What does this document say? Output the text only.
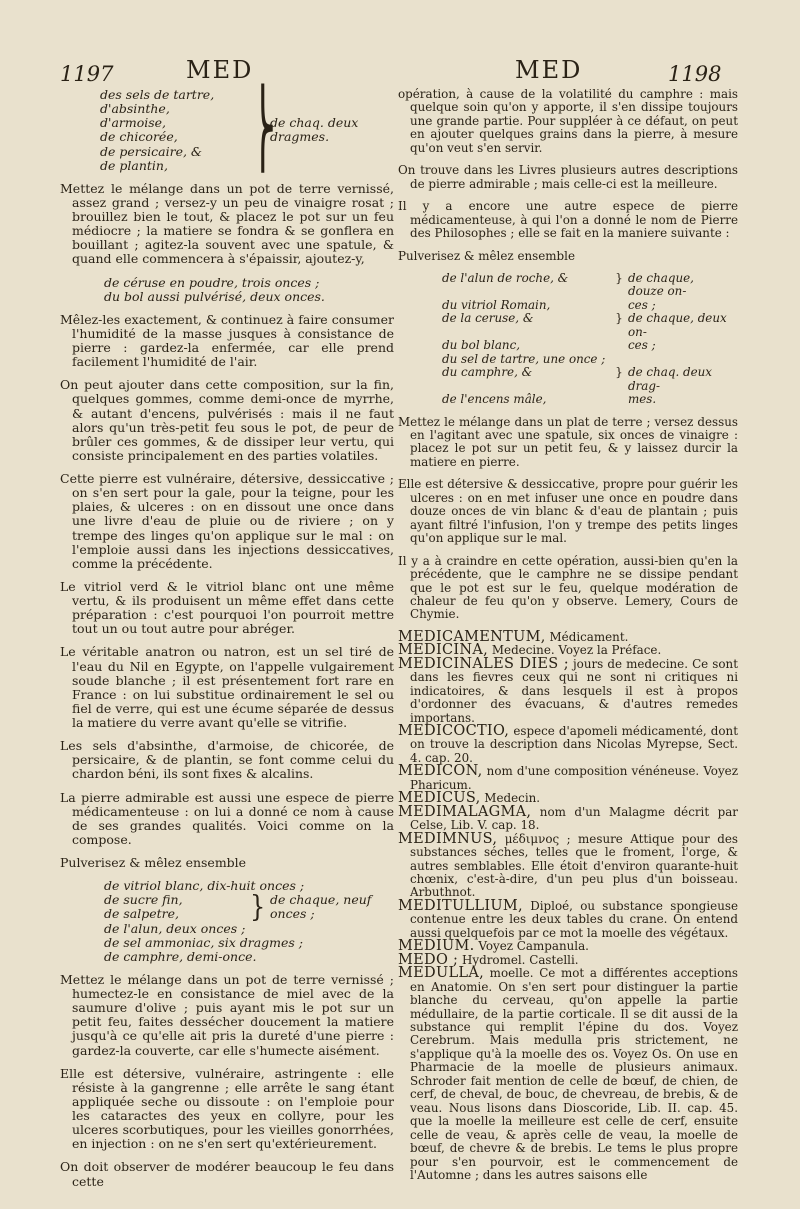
1197	MED	MED	1198
des sels de tartre,
d'absinthe,
d'armoise,
de chicorée,
de persicaire, &
de plantin,	⎬
de chaq. deux dragmes.

Mettez le mélange dans un pot de terre vernissé, assez grand ; versez-y un peu de vinaigre rosat ; brouillez bien le tout, & placez le pot sur un feu médiocre ; la matiere se fondra & se gonflera en bouillant ; agitez-la souvent avec une spatule, & quand elle commencera à s'épaissir, ajoutez-y,

de céruse en poudre, trois onces ;
du bol aussi pulvérisé, deux onces.

Mêlez-les exactement, & continuez à faire consumer l'humidité de la masse jusques à consistance de pierre : gardez-la enfermée, car elle prend facilement l'humidité de l'air.

On peut ajouter dans cette composition, sur la fin, quelques gommes, comme demi-once de myrrhe, & autant d'encens, pulvérisés : mais il ne faut alors qu'un très-petit feu sous le pot, de peur de brûler ces gommes, & de dissiper leur vertu, qui consiste principalement en des parties volatiles.

Cette pierre est vulnéraire, détersive, dessiccative ; on s'en sert pour la gale, pour la teigne, pour les plaies, & ulceres : on en dissout une once dans une livre d'eau de pluie ou de riviere ; on y trempe des linges qu'on applique sur le mal : on l'emploie aussi dans les injections dessiccatives, comme la précédente.

Le vitriol verd & le vitriol blanc ont une même vertu, & ils produisent un même effet dans cette préparation : c'est pourquoi l'on pourroit mettre tout un ou tout autre pour abréger.

Le véritable anatron ou natron, est un sel tiré de l'eau du Nil en Egypte, on l'appelle vulgairement soude blanche ; il est présentement fort rare en France : on lui substitue ordinairement le sel ou fiel de verre, qui est une écume séparée de dessus la matiere du verre avant qu'elle se vitrifie.

Les sels d'absinthe, d'armoise, de chicorée, de persicaire, & de plantin, se font comme celui du chardon béni, ils sont fixes & alcalins.

La pierre admirable est aussi une espece de pierre médicamenteuse : on lui a donné ce nom à cause de ses grandes qualités. Voici comme on la compose.

Pulverisez & mêlez ensemble

de vitriol blanc, dix-huit onces ;
de sucre fin,
de salpetre,	} de chaque, neuf onces ;
de l'alun, deux onces ;
de sel ammoniac, six dragmes ;
de camphre, demi-once.

Mettez le mélange dans un pot de terre vernissé ; humectez-le en consistance de miel avec de la saumure d'olive ; puis ayant mis le pot sur un petit feu, faites dessécher doucement la matiere jusqu'à ce qu'elle ait pris la dureté d'une pierre : gardez-la couverte, car elle s'humecte aisément.

Elle est détersive, vulnéraire, astringente : elle résiste à la gangrenne ; elle arrête le sang étant appliquée seche ou dissoute : on l'emploie pour les cataractes des yeux en collyre, pour les ulceres scorbutiques, pour les vieilles gonorrhées, en injection : on ne s'en sert qu'extérieurement.

On doit observer de modérer beaucoup le feu dans cette

opération, à cause de la volatilité du camphre : mais quelque soin qu'on y apporte, il s'en dissipe toujours une grande partie. Pour suppléer à ce défaut, on peut en ajouter quelques grains dans la pierre, à mesure qu'on veut s'en servir.

On trouve dans les Livres plusieurs autres descriptions de pierre admirable ; mais celle-ci est la meilleure.

Il y a encore une autre espece de pierre médicamenteuse, à qui l'on a donné le nom de Pierre des Philosophes ; elle se fait en la maniere suivante :

Pulverisez & mêlez ensemble

de l'alun de roche, &	} de chaque, douze on-
du vitriol Romain,	ces ;
de la ceruse, &	} de chaque, deux on-
du bol blanc,	ces ;
du sel de tartre, une once ;
du camphre, &	} de chaq. deux drag-
de l'encens mâle,	mes.

Mettez le mélange dans un plat de terre ; versez dessus en l'agitant avec une spatule, six onces de vinaigre : placez le pot sur un petit feu, & y laissez durcir la matiere en pierre.

Elle est détersive & dessiccative, propre pour guérir les ulceres : on en met infuser une once en poudre dans douze onces de vin blanc & d'eau de plantain ; puis ayant filtré l'infusion, l'on y trempe des petits linges qu'on applique sur le mal.

Il y a à craindre en cette opération, aussi-bien qu'en la précédente, que le camphre ne se dissipe pendant que le pot est sur le feu, quelque modération de chaleur de feu qu'on y observe. Lemery, Cours de Chymie.

MEDICAMENTUM, Médicament.

MEDICINA, Medecine. Voyez la Préface.

MEDICINALES DIES ; jours de medecine. Ce sont dans les fievres ceux qui ne sont ni critiques ni indicatoires, & dans lesquels il est à propos d'ordonner des évacuans, & d'autres remedes importans.

MEDICOCTIO, espece d'apomeli médicamenté, dont on trouve la description dans Nicolas Myrepse, Sect. 4. cap. 20.

MEDICON, nom d'une composition vénéneuse. Voyez Pharicum.

MEDICUS, Medecin.

MEDIMALAGMA, nom d'un Malagme décrit par Celse, Lib. V. cap. 18.

MEDIMNUS, μέδιμνος ; mesure Attique pour des substances séches, telles que le froment, l'orge, & autres semblables. Elle étoit d'environ quarante-huit chœnix, c'est-à-dire, d'un peu plus d'un boisseau. Arbuthnot.

MEDITULLIUM, Diploé, ou substance spongieuse contenue entre les deux tables du crane. On entend aussi quelquefois par ce mot la moelle des végétaux.

MEDIUM. Voyez Campanula.

MEDO ; Hydromel. Castelli.

MEDULLA, moelle. Ce mot a différentes acceptions en Anatomie. On s'en sert pour distinguer la partie blanche du cerveau, qu'on appelle la partie médullaire, de la partie corticale. Il se dit aussi de la substance qui remplit l'épine du dos. Voyez Cerebrum. Mais medulla pris strictement, ne s'applique qu'à la moelle des os. Voyez Os. On use en Pharmacie de la moelle de plusieurs animaux. Schroder fait mention de celle de bœuf, de chien, de cerf, de cheval, de bouc, de chevreau, de brebis, & de veau. Nous lisons dans Dioscoride, Lib. II. cap. 45. que la moelle la meilleure est celle de cerf, ensuite celle de veau, & après celle de veau, la moelle de bœuf, de chevre & de brebis. Le tems le plus propre pour s'en pourvoir, est le commencement de l'Automne ; dans les autres saisons elle
